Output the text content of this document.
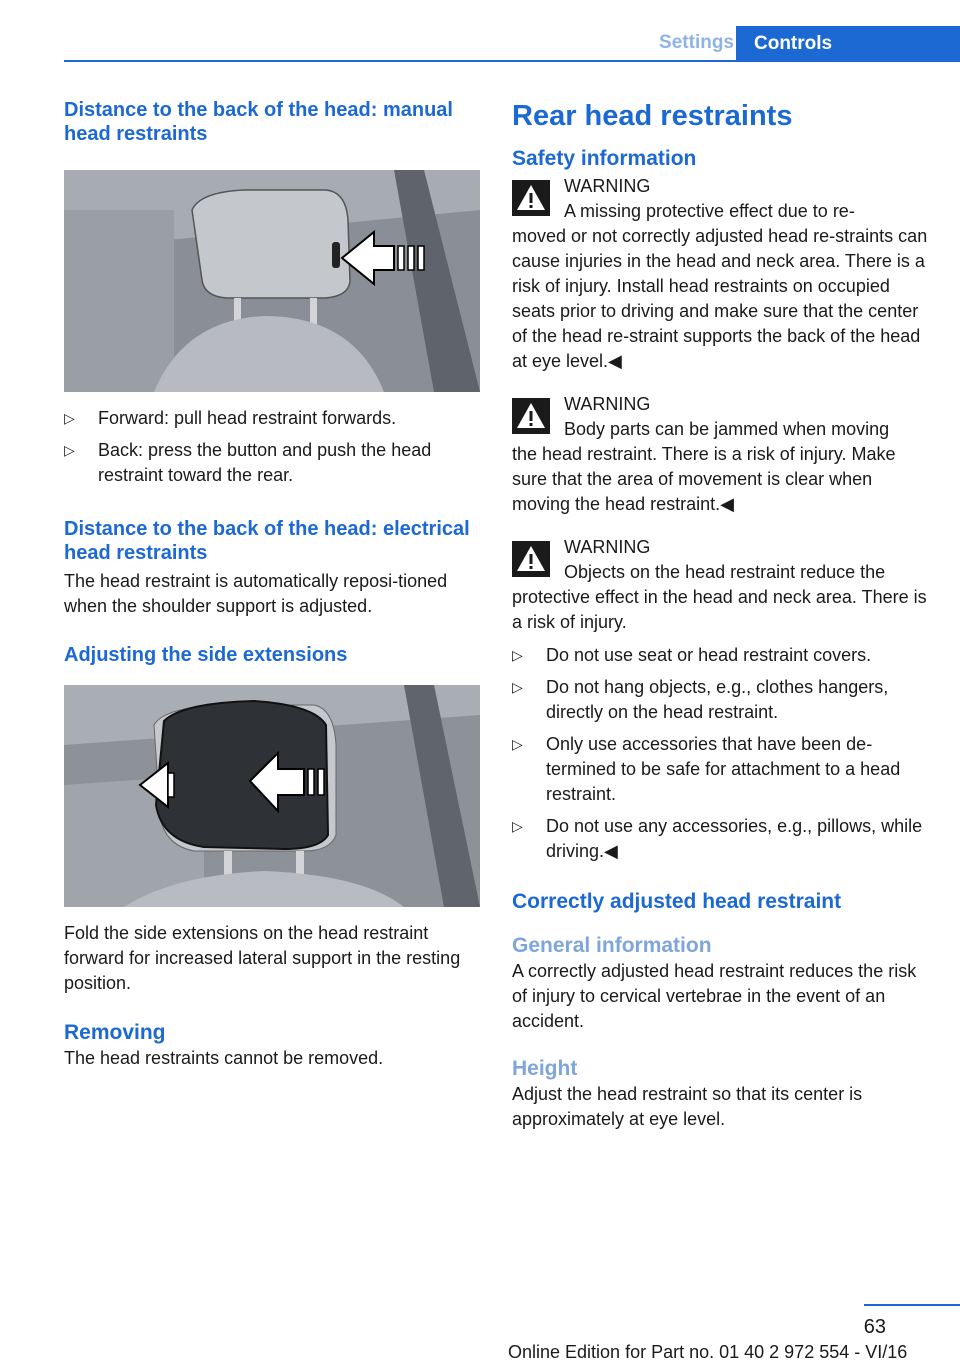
Settings	Controls
Distance to the back of the head: manual head restraints
▷ Forward: pull head restraint forwards.
▷ Back: press the button and push the head restraint toward the rear.
Distance to the back of the head: electrical head restraints

The head restraint is automatically reposi‐tioned when the shoulder support is adjusted.

Adjusting the side extensions

Fold the side extensions on the head restraint forward for increased lateral support in the resting position.

Removing

The head restraints cannot be removed.

Rear head restraints
Safety information
WARNING
A missing protective effect due to re‐
moved or not correctly adjusted head re‐straints can cause injuries in the head and neck area. There is a risk of injury. Install head restraints on occupied seats prior to driving and make sure that the center of the head re‐straint supports the back of the head at eye level.◀
WARNING
Body parts can be jammed when moving
the head restraint. There is a risk of injury. Make sure that the area of movement is clear when moving the head restraint.◀
WARNING
Objects on the head restraint reduce the
protective effect in the head and neck area. There is a risk of injury.
▷ Do not use seat or head restraint covers.
▷ Do not hang objects, e.g., clothes hangers, directly on the head restraint.
▷ Only use accessories that have been de‐termined to be safe for attachment to a head restraint.
▷ Do not use any accessories, e.g., pillows, while driving.◀
Correctly adjusted head restraint
General information

A correctly adjusted head restraint reduces the risk of injury to cervical vertebrae in the event of an accident.

Height

Adjust the head restraint so that its center is approximately at eye level.

63
Online Edition for Part no. 01 40 2 972 554 - VI/16
